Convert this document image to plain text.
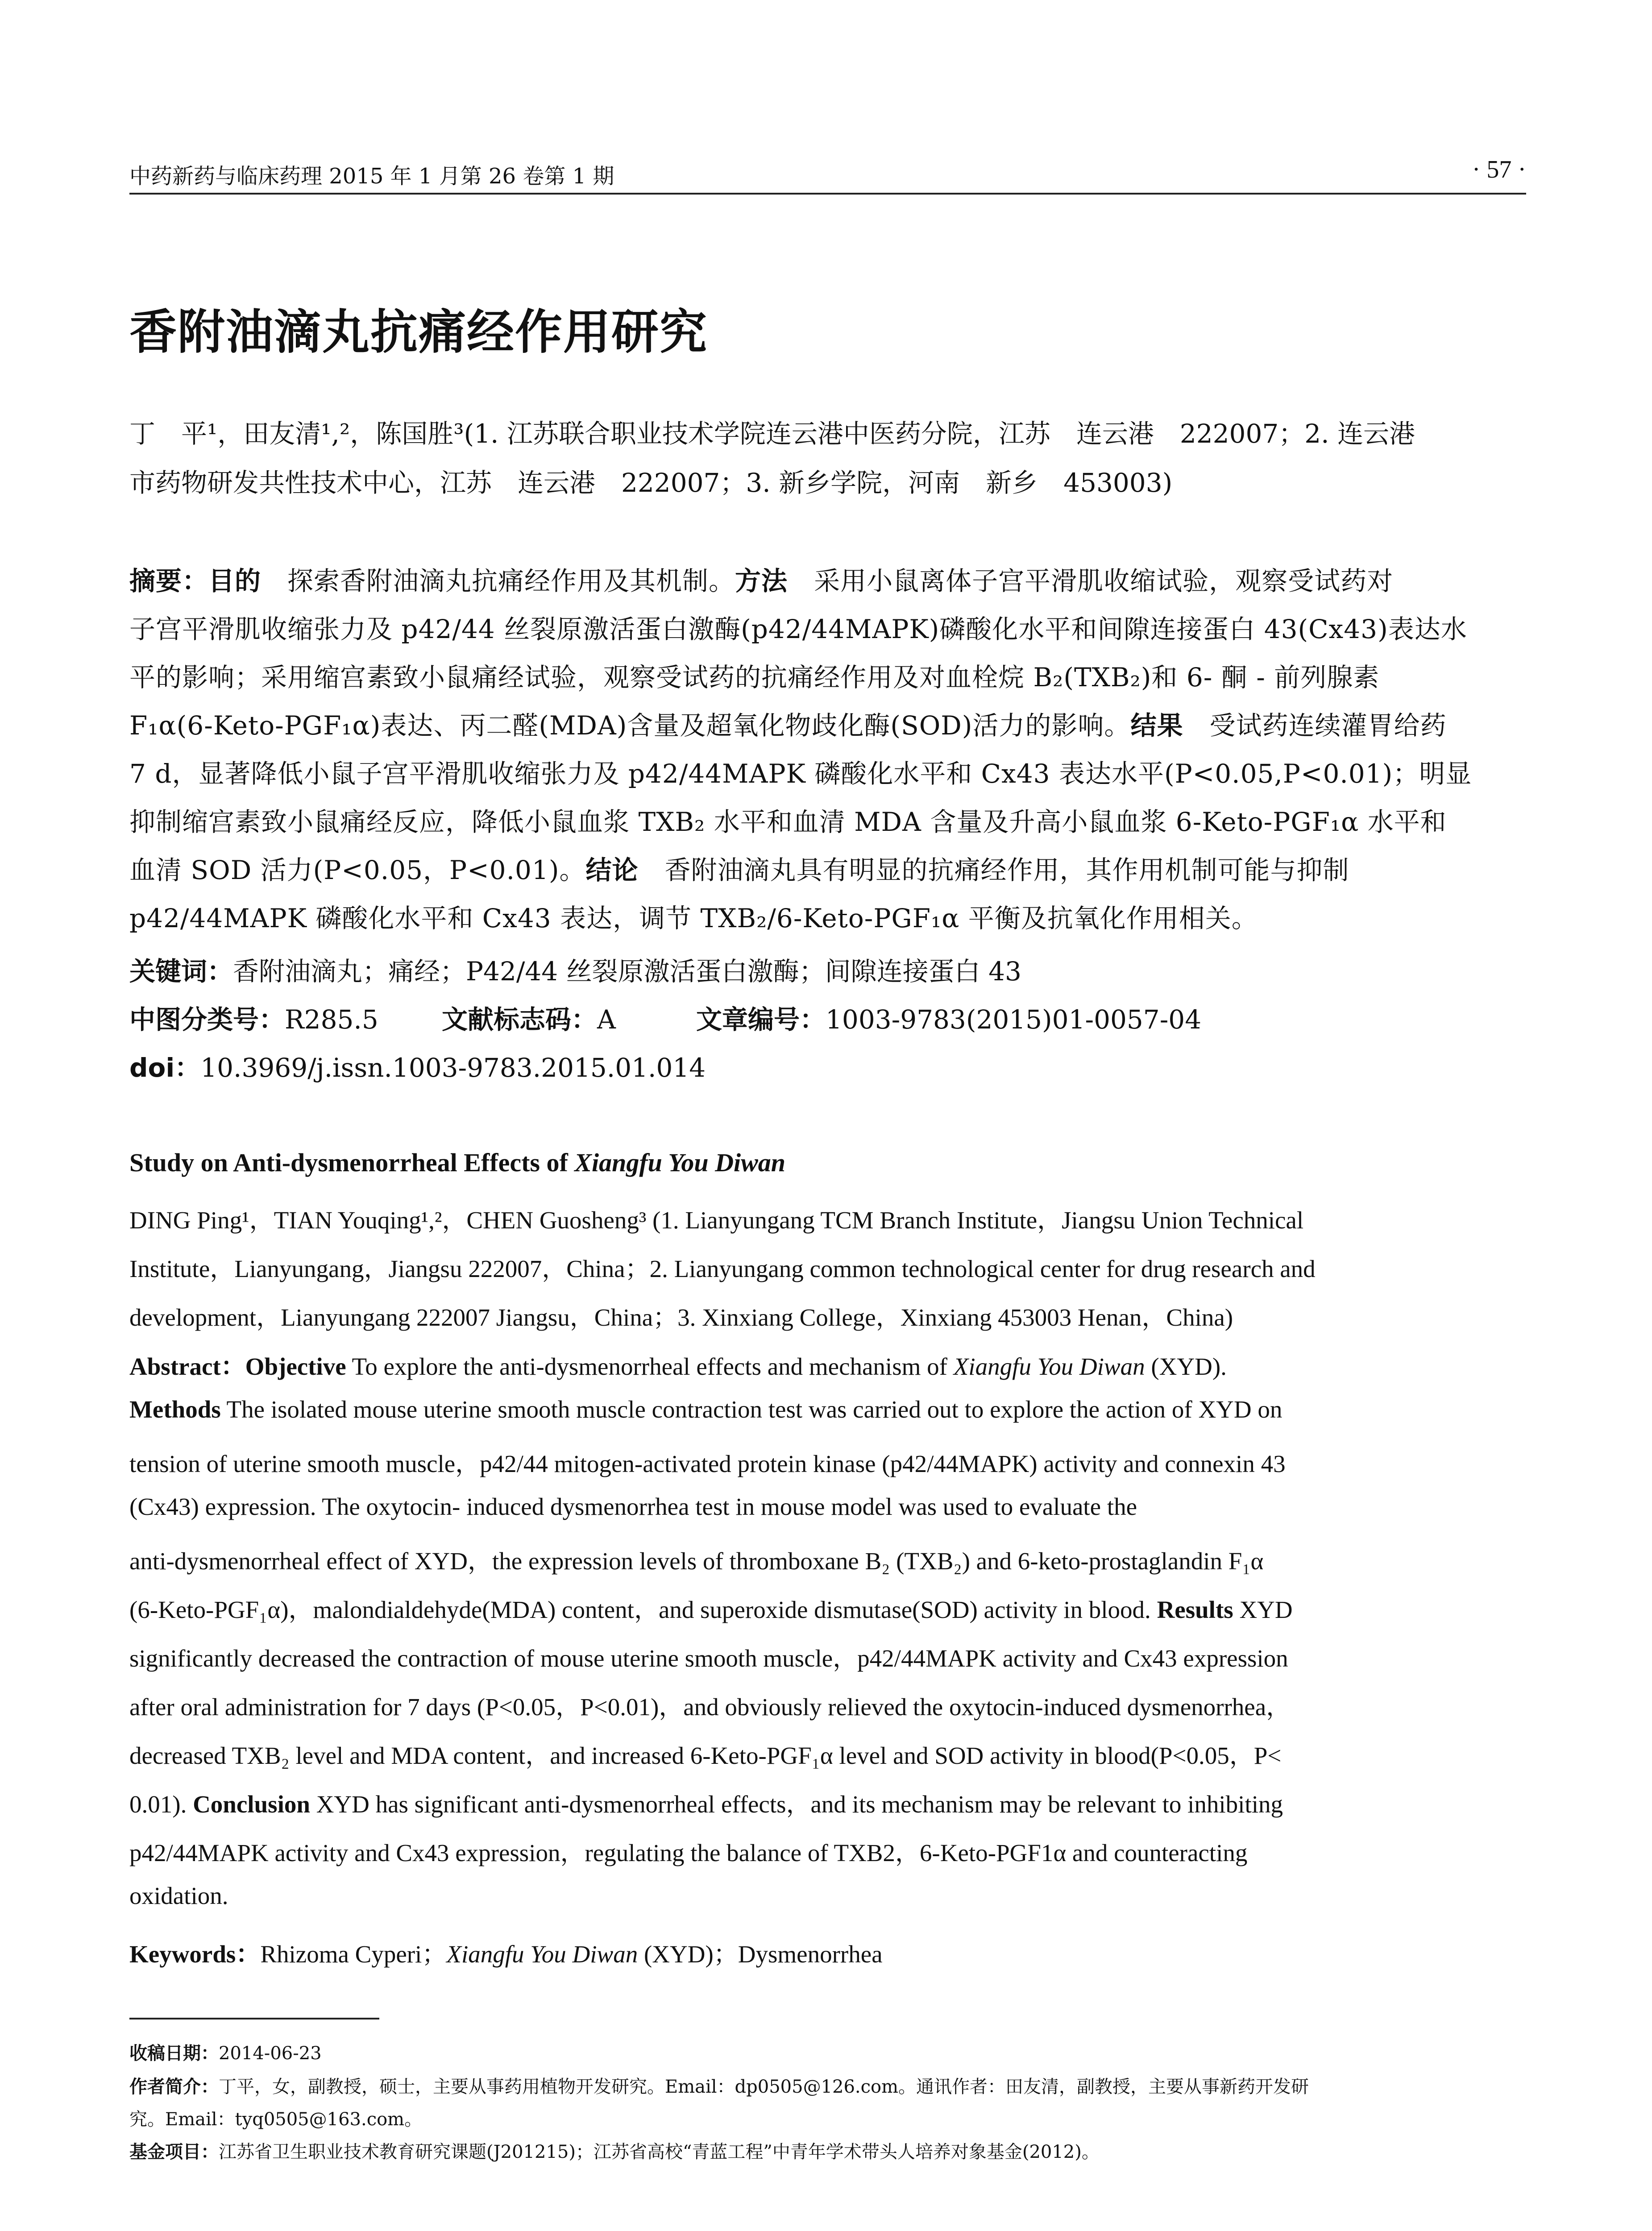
中药新药与临床药理 2015 年 1 月第 26 卷第 1 期	· 57 ·
香附油滴丸抗痛经作用研究
丁　平¹，田友清¹,²，陈国胜³(1. 江苏联合职业技术学院连云港中医药分院，江苏　连云港　222007；2. 连云港
市药物研发共性技术中心，江苏　连云港　222007；3. 新乡学院，河南　新乡　453003)
摘要：目的　探索香附油滴丸抗痛经作用及其机制。方法　采用小鼠离体子宫平滑肌收缩试验，观察受试药对
子宫平滑肌收缩张力及 p42/44 丝裂原激活蛋白激酶(p42/44MAPK)磷酸化水平和间隙连接蛋白 43(Cx43)表达水
平的影响；采用缩宫素致小鼠痛经试验，观察受试药的抗痛经作用及对血栓烷 B₂(TXB₂)和 6- 酮 - 前列腺素
F₁α(6-Keto-PGF₁α)表达、丙二醛(MDA)含量及超氧化物歧化酶(SOD)活力的影响。结果　受试药连续灌胃给药
7 d，显著降低小鼠子宫平滑肌收缩张力及 p42/44MAPK 磷酸化水平和 Cx43 表达水平(P<0.05,P<0.01)；明显
抑制缩宫素致小鼠痛经反应，降低小鼠血浆 TXB₂ 水平和血清 MDA 含量及升高小鼠血浆 6-Keto-PGF₁α 水平和
血清 SOD 活力(P<0.05，P<0.01)。结论　香附油滴丸具有明显的抗痛经作用，其作用机制可能与抑制
p42/44MAPK 磷酸化水平和 Cx43 表达，调节 TXB₂/6-Keto-PGF₁α 平衡及抗氧化作用相关。
关键词：香附油滴丸；痛经；P42/44 丝裂原激活蛋白激酶；间隙连接蛋白 43
中图分类号：R285.5 文献标志码：A	文章编号：1003-9783(2015)01-0057-04
doi：10.3969/j.issn.1003-9783.2015.01.014
Study on Anti-dysmenorrheal Effects of Xiangfu You Diwan
DING Ping¹，TIAN Youqing¹,²，CHEN Guosheng³ (1. Lianyungang TCM Branch Institute，Jiangsu Union Technical
Institute，Lianyungang，Jiangsu 222007，China；2. Lianyungang common technological center for drug research and
development，Lianyungang 222007 Jiangsu，China；3. Xinxiang College，Xinxiang 453003 Henan，China)
Abstract：Objective To explore the anti-dysmenorrheal effects and mechanism of Xiangfu You Diwan (XYD).
Methods The isolated mouse uterine smooth muscle contraction test was carried out to explore the action of XYD on
tension of uterine smooth muscle，p42/44 mitogen-activated protein kinase (p42/44MAPK) activity and connexin 43
(Cx43) expression. The oxytocin- induced dysmenorrhea test in mouse model was used to evaluate the
anti-dysmenorrheal effect of XYD，the expression levels of thromboxane B₂ (TXB₂) and 6-keto-prostaglandin F₁α
(6-Keto-PGF₁α)，malondialdehyde(MDA) content，and superoxide dismutase(SOD) activity in blood. Results XYD
significantly decreased the contraction of mouse uterine smooth muscle，p42/44MAPK activity and Cx43 expression
after oral administration for 7 days (P<0.05，P<0.01)，and obviously relieved the oxytocin-induced dysmenorrhea，
decreased TXB₂ level and MDA content，and increased 6-Keto-PGF₁α level and SOD activity in blood(P<0.05，P<
0.01). Conclusion XYD has significant anti-dysmenorrheal effects，and its mechanism may be relevant to inhibiting
p42/44MAPK activity and Cx43 expression，regulating the balance of TXB2，6-Keto-PGF1α and counteracting
oxidation.
Keywords：Rhizoma Cyperi；Xiangfu You Diwan (XYD)；Dysmenorrhea
收稿日期：2014-06-23
作者简介：丁平，女，副教授，硕士，主要从事药用植物开发研究。Email：dp0505@126.com。通讯作者：田友清，副教授，主要从事新药开发研
究。Email：tyq0505@163.com。
基金项目：江苏省卫生职业技术教育研究课题(J201215)；江苏省高校“青蓝工程”中青年学术带头人培养对象基金(2012)。
